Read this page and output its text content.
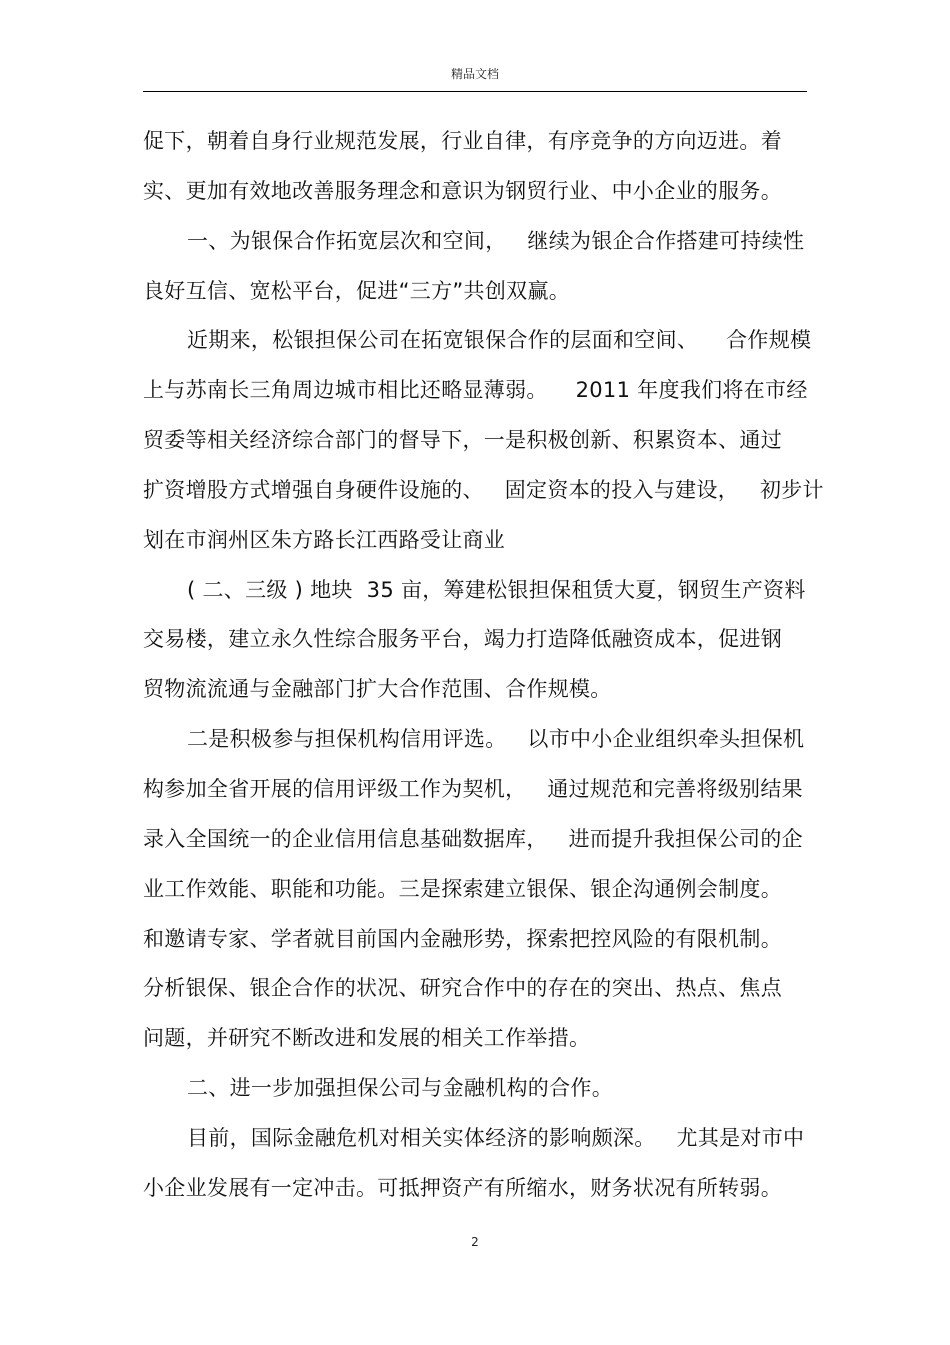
精品文档
促下，朝着自身行业规范发展，行业自律，有序竞争的方向迈进。着
实、更加有效地改善服务理念和意识为钢贸行业、中小企业的服务。
一、为银保合作拓宽层次和空间，   继续为银企合作搭建可持续性
良好互信、宽松平台，促进“三方”共创双赢。
近期来，松银担保公司在拓宽银保合作的层面和空间、    合作规模
上与苏南长三角周边城市相比还略显薄弱。    2011 年度我们将在市经
贸委等相关经济综合部门的督导下，一是积极创新、积累资本、通过
扩资增股方式增强自身硬件设施的、   固定资本的投入与建设，   初步计
划在市润州区朱方路长江西路受让商业
( 二、三级 ) 地块  35 亩，筹建松银担保租赁大夏，钢贸生产资料
交易楼，建立永久性综合服务平台，竭力打造降低融资成本，促进钢
贸物流流通与金融部门扩大合作范围、合作规模。
二是积极参与担保机构信用评选。   以市中小企业组织牵头担保机
构参加全省开展的信用评级工作为契机，   通过规范和完善将级别结果
录入全国统一的企业信用信息基础数据库，   进而提升我担保公司的企
业工作效能、职能和功能。三是探索建立银保、银企沟通例会制度。
和邀请专家、学者就目前国内金融形势，探索把控风险的有限机制。
分析银保、银企合作的状况、研究合作中的存在的突出、热点、焦点
问题，并研究不断改进和发展的相关工作举措。
二、进一步加强担保公司与金融机构的合作。
目前，国际金融危机对相关实体经济的影响颇深。   尤其是对市中
小企业发展有一定冲击。可抵押资产有所缩水，财务状况有所转弱。
2
